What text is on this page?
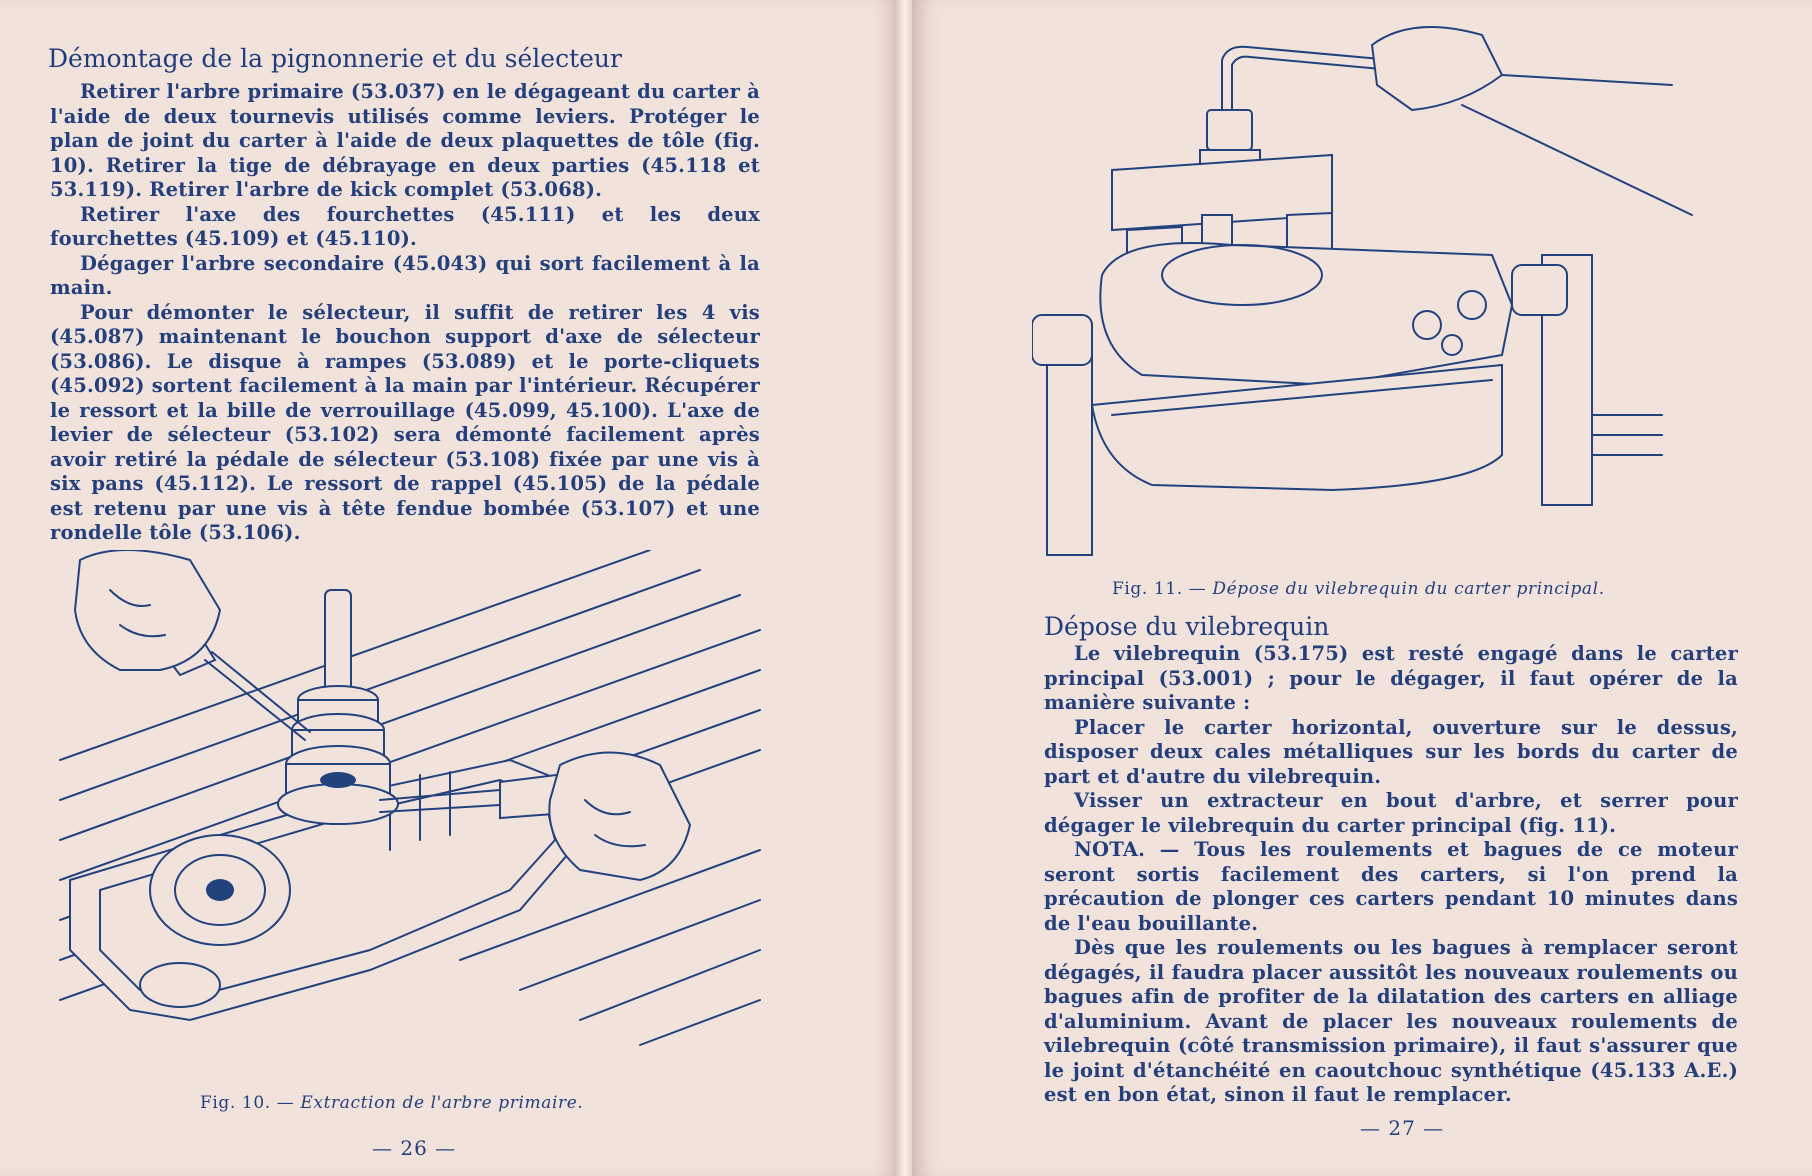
Démontage de la pignonnerie et du sélecteur

Retirer l'arbre primaire (53.037) en le dégageant du carter à l'aide de deux tournevis utilisés comme leviers. Protéger le plan de joint du carter à l'aide de deux plaquettes de tôle (fig. 10). Retirer la tige de débrayage en deux parties (45.118 et 53.119). Retirer l'arbre de kick complet (53.068).

Retirer l'axe des fourchettes (45.111) et les deux fourchettes (45.109) et (45.110).

Dégager l'arbre secondaire (45.043) qui sort facilement à la main.

Pour démonter le sélecteur, il suffit de retirer les 4 vis (45.087) maintenant le bouchon support d'axe de sélecteur (53.086). Le disque à rampes (53.089) et le porte-cliquets (45.092) sortent facilement à la main par l'intérieur. Récupérer le ressort et la bille de verrouillage (45.099, 45.100). L'axe de levier de sélecteur (53.102) sera démonté facilement après avoir retiré la pédale de sélecteur (53.108) fixée par une vis à six pans (45.112). Le ressort de rappel (45.105) de la pédale est retenu par une vis à tête fendue bombée (53.107) et une rondelle tôle (53.106).

Fig. 10. — Extraction de l'arbre primaire.
— 26 —
Fig. 11. — Dépose du vilebrequin du carter principal.
Dépose du vilebrequin

Le vilebrequin (53.175) est resté engagé dans le carter principal (53.001) ; pour le dégager, il faut opérer de la manière suivante :

Placer le carter horizontal, ouverture sur le dessus, disposer deux cales métalliques sur les bords du carter de part et d'autre du vilebrequin.

Visser un extracteur en bout d'arbre, et serrer pour dégager le vilebrequin du carter principal (fig. 11).

NOTA. — Tous les roulements et bagues de ce moteur seront sortis facilement des carters, si l'on prend la précaution de plonger ces carters pendant 10 minutes dans de l'eau bouillante.

Dès que les roulements ou les bagues à remplacer seront dégagés, il faudra placer aussitôt les nouveaux roulements ou bagues afin de profiter de la dilatation des carters en alliage d'aluminium. Avant de placer les nouveaux roulements de vilebrequin (côté transmission primaire), il faut s'assurer que le joint d'étanchéité en caoutchouc synthétique (45.133 A.E.) est en bon état, sinon il faut le remplacer.

— 27 —
